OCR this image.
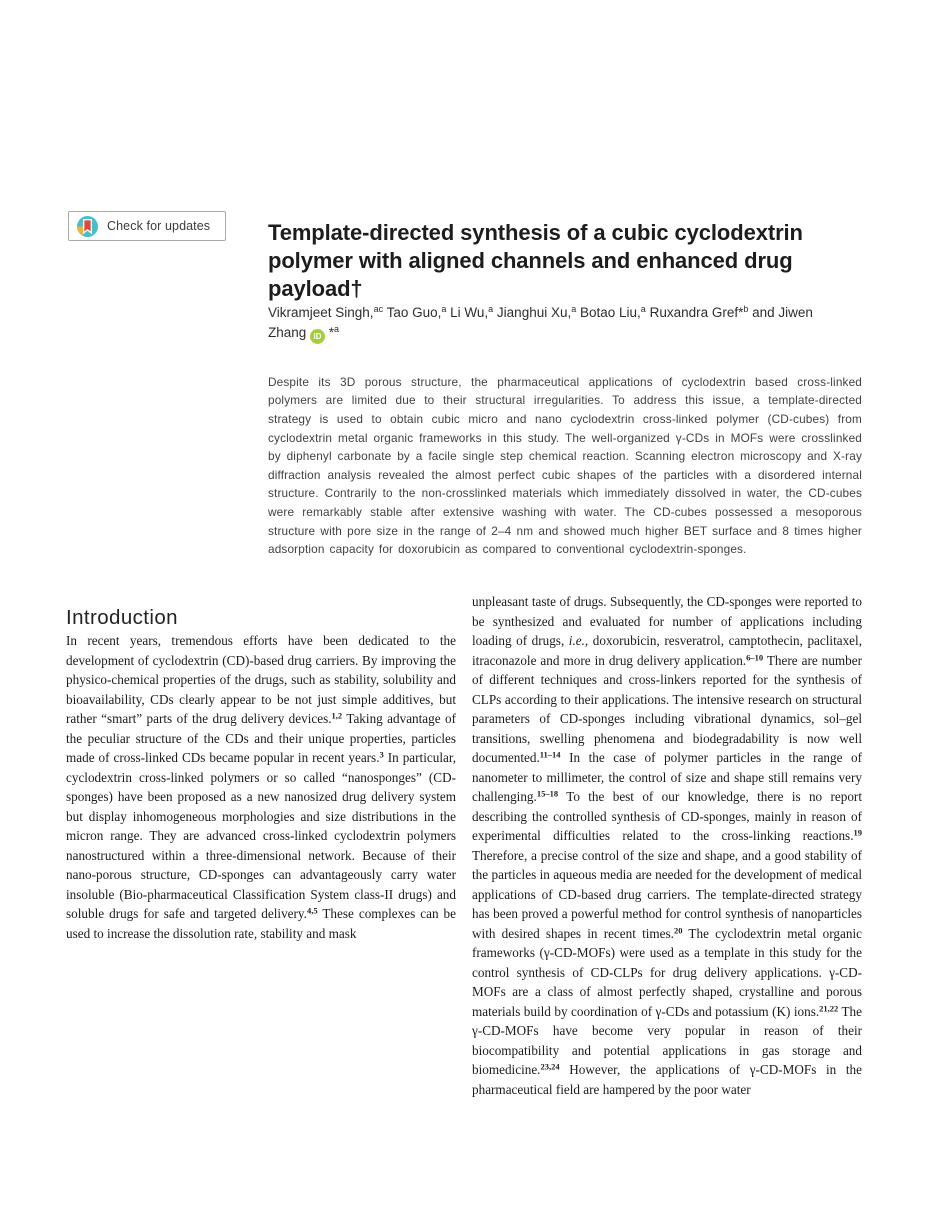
Check for updates	Template-directed synthesis of a cubic cyclodextrin polymer with aligned channels and enhanced drug payload†
Vikramjeet Singh,$^{ac}$ Tao Guo,$^a$ Li Wu,$^a$ Jianghui Xu,$^a$ Botao Liu,$^a$ Ruxandra Gref*$^b$ and Jiwen Zhang iD *$^a$

Despite its 3D porous structure, the pharmaceutical applications of cyclodextrin based cross-linked polymers are limited due to their structural irregularities. To address this issue, a template-directed strategy is used to obtain cubic micro and nano cyclodextrin cross-linked polymer (CD-cubes) from cyclodextrin metal organic frameworks in this study. The well-organized γ-CDs in MOFs were crosslinked by diphenyl carbonate by a facile single step chemical reaction. Scanning electron microscopy and X-ray diffraction analysis revealed the almost perfect cubic shapes of the particles with a disordered internal structure. Contrarily to the non-crosslinked materials which immediately dissolved in water, the CD-cubes were remarkably stable after extensive washing with water. The CD-cubes possessed a mesoporous structure with pore size in the range of 2–4 nm and showed much higher BET surface and 8 times higher adsorption capacity for doxorubicin as compared to conventional cyclodextrin-sponges.

Introduction
In recent years, tremendous efforts have been dedicated to the development of cyclodextrin (CD)-based drug carriers. By improving the physico-chemical properties of the drugs, such as stability, solubility and bioavailability, CDs clearly appear to be not just simple additives, but rather “smart” parts of the drug delivery devices.$^{1,2}$ Taking advantage of the peculiar structure of the CDs and their unique properties, particles made of cross-linked CDs became popular in recent years.$^3$ In particular, cyclodextrin cross-linked polymers or so called “nanosponges” (CD-sponges) have been proposed as a new nanosized drug delivery system but display inhomogeneous morphologies and size distributions in the micron range. They are advanced cross-linked cyclodextrin polymers nanostructured within a three-dimensional network. Because of their nano-porous structure, CD-sponges can advantageously carry water insoluble (Bio-pharmaceutical Classification System class-II drugs) and soluble drugs for safe and targeted delivery.$^{4,5}$ These complexes can be used to increase the dissolution rate, stability and mask
unpleasant taste of drugs. Subsequently, the CD-sponges were reported to be synthesized and evaluated for number of applications including loading of drugs, i.e., doxorubicin, resveratrol, camptothecin, paclitaxel, itraconazole and more in drug delivery application.$^{6-10}$ There are number of different techniques and cross-linkers reported for the synthesis of CLPs according to their applications. The intensive research on structural parameters of CD-sponges including vibrational dynamics, sol–gel transitions, swelling phenomena and biodegradability is now well documented.$^{11-14}$ In the case of polymer particles in the range of nanometer to millimeter, the control of size and shape still remains very challenging.$^{15-18}$ To the best of our knowledge, there is no report describing the controlled synthesis of CD-sponges, mainly in reason of experimental difficulties related to the cross-linking reactions.$^{19}$ Therefore, a precise control of the size and shape, and a good stability of the particles in aqueous media are needed for the development of medical applications of CD-based drug carriers. The template-directed strategy has been proved a powerful method for control synthesis of nanoparticles with desired shapes in recent times.$^{20}$ The cyclodextrin metal organic frameworks (γ-CD-MOFs) were used as a template in this study for the control synthesis of CD-CLPs for drug delivery applications. γ-CD-MOFs are a class of almost perfectly shaped, crystalline and porous materials build by coordination of γ-CDs and potassium (K) ions.$^{21,22}$ The γ-CD-MOFs have become very popular in reason of their biocompatibility and potential applications in gas storage and biomedicine.$^{23,24}$ However, the applications of γ-CD-MOFs in the pharmaceutical field are hampered by the poor water
